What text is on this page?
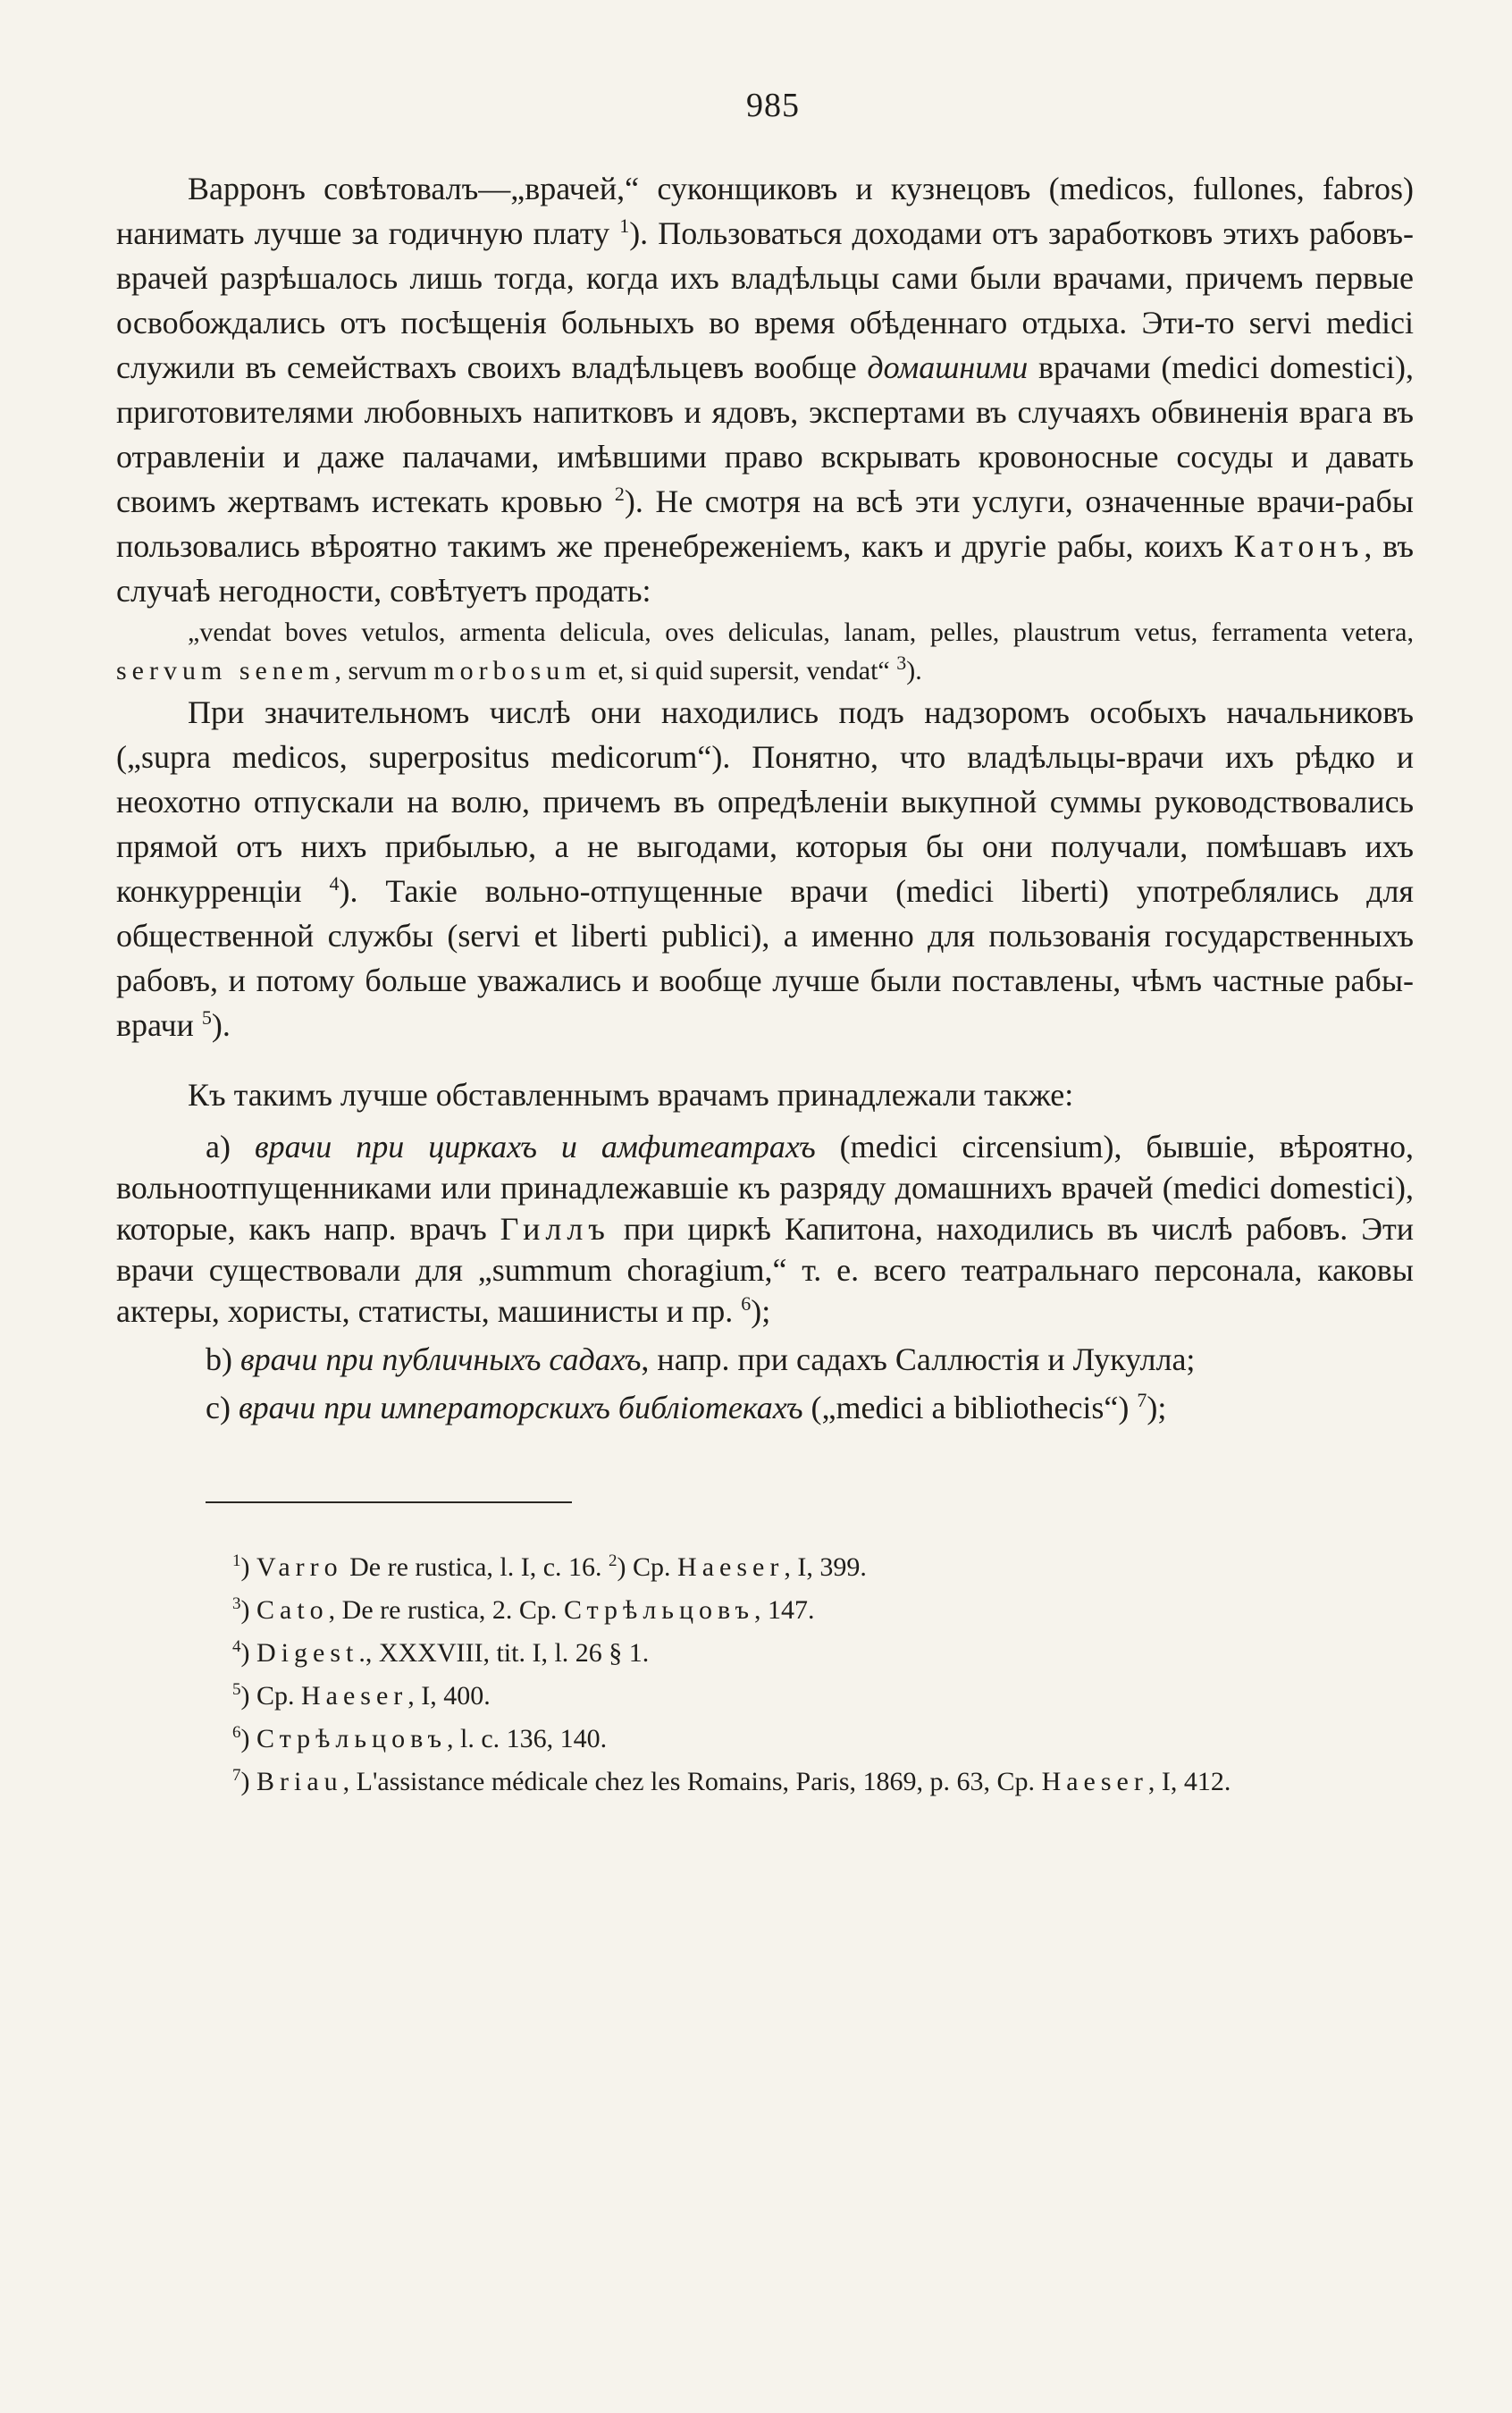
985

Варронъ совѣтовалъ—„врачей,“ суконщиковъ и кузнецовъ (medicos, fullones, fabros) нанимать лучше за годичную плату $^1$). Пользоваться доходами отъ заработковъ этихъ рабовъ-врачей разрѣшалось лишь тогда, когда ихъ владѣльцы сами были врачами, причемъ первые освобождались отъ посѣщенія больныхъ во время обѣденнаго отдыха. Эти-то servi medici служили въ семействахъ своихъ владѣльцевъ вообще домашними врачами (medici domestici), приготовителями любовныхъ напитковъ и ядовъ, экспертами въ случаяхъ обвиненія врага въ отравленіи и даже палачами, имѣвшими право вскрывать кровоносные сосуды и давать своимъ жертвамъ истекать кровью $^2$). Не смотря на всѣ эти услуги, означенные врачи-рабы пользовались вѣроятно такимъ же пренебреженіемъ, какъ и другіе рабы, коихъ Катонъ, въ случаѣ негодности, совѣтуетъ продать:

„vendat boves vetulos, armenta delicula, oves deliculas, lanam, pelles, plaustrum vetus, ferramenta vetera, servum senem, servum morbosum et, si quid supersit, vendat“ $^3$).

При значительномъ числѣ они находились подъ надзоромъ особыхъ начальниковъ („supra medicos, superpositus medicorum“). Понятно, что владѣльцы-врачи ихъ рѣдко и неохотно отпускали на волю, причемъ въ опредѣленіи выкупной суммы руководствовались прямой отъ нихъ прибылью, а не выгодами, которыя бы они получали, помѣшавъ ихъ конкурренціи $^4$). Такіе вольно-отпущенные врачи (medici liberti) употреблялись для общественной службы (servi et liberti publici), а именно для пользованія государственныхъ рабовъ, и потому больше уважались и вообще лучше были поставлены, чѣмъ частные рабы-врачи $^5$).

Къ такимъ лучше обставленнымъ врачамъ принадлежали также:

a) врачи при циркахъ и амфитеатрахъ (medici circensium), бывшіе, вѣроятно, вольноотпущенниками или принадлежавшіе къ разряду домашнихъ врачей (medici domestici), которые, какъ напр. врачъ Гиллъ при циркѣ Капитона, находились въ числѣ рабовъ. Эти врачи существовали для „summum choragium,“ т. е. всего театральнаго персонала, каковы актеры, хористы, статисты, машинисты и пр. $^6$);

b) врачи при публичныхъ садахъ, напр. при садахъ Саллюстія и Лукулла;

c) врачи при императорскихъ библіотекахъ („medici a bibliothecis“) $^7$);

$^1$) Varro De re rustica, l. I, c. 16. $^2$) Ср. Haeser, I, 399.

$^3$) Cato, De re rustica, 2. Ср. Стрѣльцовъ, 147.

$^4$) Digest., XXXVIII, tit. I, l. 26 § 1.

$^5$) Ср. Haeser, I, 400.

$^6$) Стрѣльцовъ, l. c. 136, 140.

$^7$) Briau, L'assistance médicale chez les Romains, Paris, 1869, p. 63, Ср. Haeser, I, 412.
